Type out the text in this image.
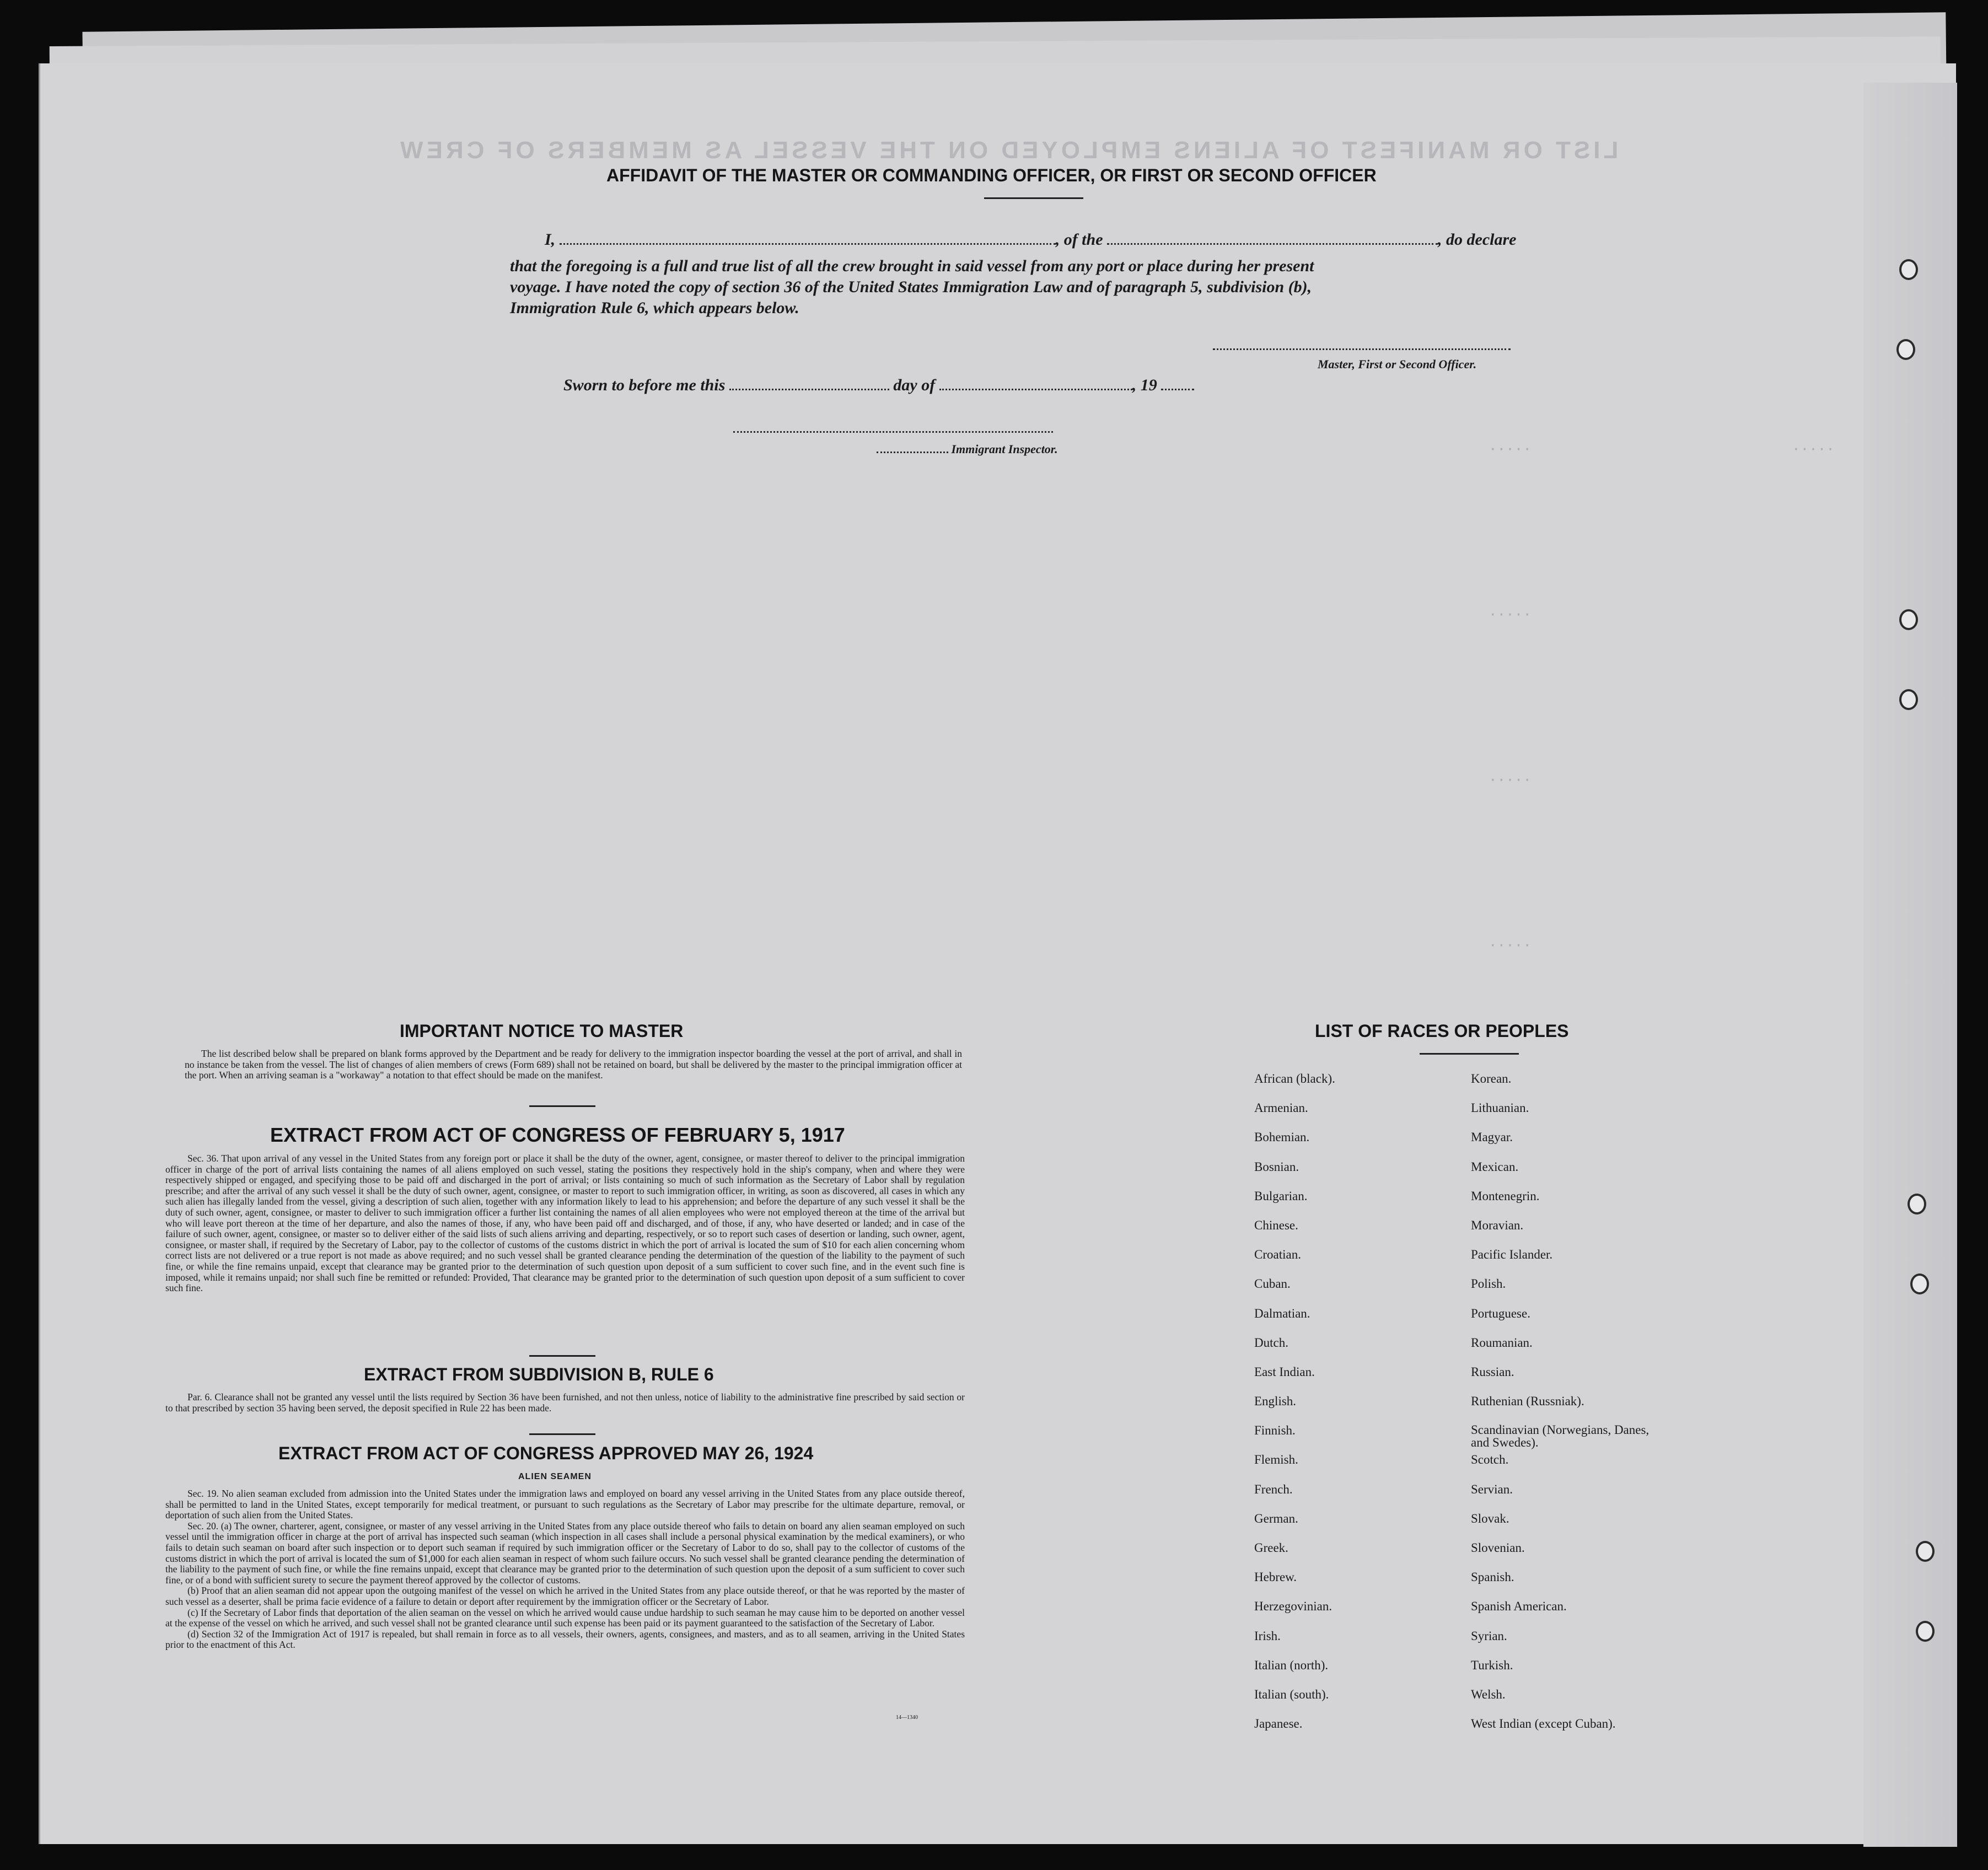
LIST OR MANIFEST OF ALIENS EMPLOYED ON THE VESSEL AS MEMBERS OF CREW
·····
·····
·····
·····
·····
AFFIDAVIT OF THE MASTER OR COMMANDING OFFICER, OR FIRST OR SECOND OFFICER
I,	, of the	, do declare
that the foregoing is a full and true list of all the crew brought in said vessel from any port or place during her present
voyage. I have noted the copy of section 36 of the United States Immigration Law and of paragraph 5, subdivision (b),
Immigration Rule 6, which appears below.
Master, First or Second Officer.
Sworn to before me this	day of	, 19
Immigrant Inspector.
IMPORTANT NOTICE TO MASTER
The list described below shall be prepared on blank forms approved by the Department and be ready for delivery to the immigration inspector boarding the vessel at the port of arrival, and shall in no instance be taken from the vessel. The list of changes of alien members of crews (Form 689) shall not be retained on board, but shall be delivered by the master to the principal immigration officer at the port. When an arriving seaman is a "workaway" a notation to that effect should be made on the manifest.
EXTRACT FROM ACT OF CONGRESS OF FEBRUARY 5, 1917
Sec. 36. That upon arrival of any vessel in the United States from any foreign port or place it shall be the duty of the owner, agent, consignee, or master thereof to deliver to the principal immigration officer in charge of the port of arrival lists containing the names of all aliens employed on such vessel, stating the positions they respectively hold in the ship's company, when and where they were respectively shipped or engaged, and specifying those to be paid off and discharged in the port of arrival; or lists containing so much of such information as the Secretary of Labor shall by regulation prescribe; and after the arrival of any such vessel it shall be the duty of such owner, agent, consignee, or master to report to such immigration officer, in writing, as soon as discovered, all cases in which any such alien has illegally landed from the vessel, giving a description of such alien, together with any information likely to lead to his apprehension; and before the departure of any such vessel it shall be the duty of such owner, agent, consignee, or master to deliver to such immigration officer a further list containing the names of all alien employees who were not employed thereon at the time of the arrival but who will leave port thereon at the time of her departure, and also the names of those, if any, who have been paid off and discharged, and of those, if any, who have deserted or landed; and in case of the failure of such owner, agent, consignee, or master so to deliver either of the said lists of such aliens arriving and departing, respectively, or so to report such cases of desertion or landing, such owner, agent, consignee, or master shall, if required by the Secretary of Labor, pay to the collector of customs of the customs district in which the port of arrival is located the sum of $10 for each alien concerning whom correct lists are not delivered or a true report is not made as above required; and no such vessel shall be granted clearance pending the determination of the question of the liability to the payment of such fine, or while the fine remains unpaid, except that clearance may be granted prior to the determination of such question upon deposit of a sum sufficient to cover such fine, and in the event such fine is imposed, while it remains unpaid; nor shall such fine be remitted or refunded: Provided, That clearance may be granted prior to the determination of such question upon deposit of a sum sufficient to cover such fine.
EXTRACT FROM SUBDIVISION B, RULE 6
Par. 6. Clearance shall not be granted any vessel until the lists required by Section 36 have been furnished, and not then unless, notice of liability to the administrative fine prescribed by said section or to that prescribed by section 35 having been served, the deposit specified in Rule 22 has been made.
EXTRACT FROM ACT OF CONGRESS APPROVED MAY 26, 1924
ALIEN SEAMEN

Sec. 19. No alien seaman excluded from admission into the United States under the immigration laws and employed on board any vessel arriving in the United States from any place outside thereof, shall be permitted to land in the United States, except temporarily for medical treatment, or pursuant to such regulations as the Secretary of Labor may prescribe for the ultimate departure, removal, or deportation of such alien from the United States.

Sec. 20. (a) The owner, charterer, agent, consignee, or master of any vessel arriving in the United States from any place outside thereof who fails to detain on board any alien seaman employed on such vessel until the immigration officer in charge at the port of arrival has inspected such seaman (which inspection in all cases shall include a personal physical examination by the medical examiners), or who fails to detain such seaman on board after such inspection or to deport such seaman if required by such immigration officer or the Secretary of Labor to do so, shall pay to the collector of customs of the customs district in which the port of arrival is located the sum of $1,000 for each alien seaman in respect of whom such failure occurs. No such vessel shall be granted clearance pending the determination of the liability to the payment of such fine, or while the fine remains unpaid, except that clearance may be granted prior to the determination of such question upon the deposit of a sum sufficient to cover such fine, or of a bond with sufficient surety to secure the payment thereof approved by the collector of customs.

(b) Proof that an alien seaman did not appear upon the outgoing manifest of the vessel on which he arrived in the United States from any place outside thereof, or that he was reported by the master of such vessel as a deserter, shall be prima facie evidence of a failure to detain or deport after requirement by the immigration officer or the Secretary of Labor.

(c) If the Secretary of Labor finds that deportation of the alien seaman on the vessel on which he arrived would cause undue hardship to such seaman he may cause him to be deported on another vessel at the expense of the vessel on which he arrived, and such vessel shall not be granted clearance until such expense has been paid or its payment guaranteed to the satisfaction of the Secretary of Labor.

(d) Section 32 of the Immigration Act of 1917 is repealed, but shall remain in force as to all vessels, their owners, agents, consignees, and masters, and as to all seamen, arriving in the United States prior to the enactment of this Act.

14—1340
LIST OF RACES OR PEOPLES
African (black).
Armenian.
Bohemian.
Bosnian.
Bulgarian.
Chinese.
Croatian.
Cuban.
Dalmatian.
Dutch.
East Indian.
English.
Finnish.
Flemish.
French.
German.
Greek.
Hebrew.
Herzegovinian.
Irish.
Italian (north).
Italian (south).
Japanese.
Korean.
Lithuanian.
Magyar.
Mexican.
Montenegrin.
Moravian.
Pacific Islander.
Polish.
Portuguese.
Roumanian.
Russian.
Ruthenian (Russniak).
Scandinavian (Norwegians, Danes, and Swedes).
Scotch.
Servian.
Slovak.
Slovenian.
Spanish.
Spanish American.
Syrian.
Turkish.
Welsh.
West Indian (except Cuban).
